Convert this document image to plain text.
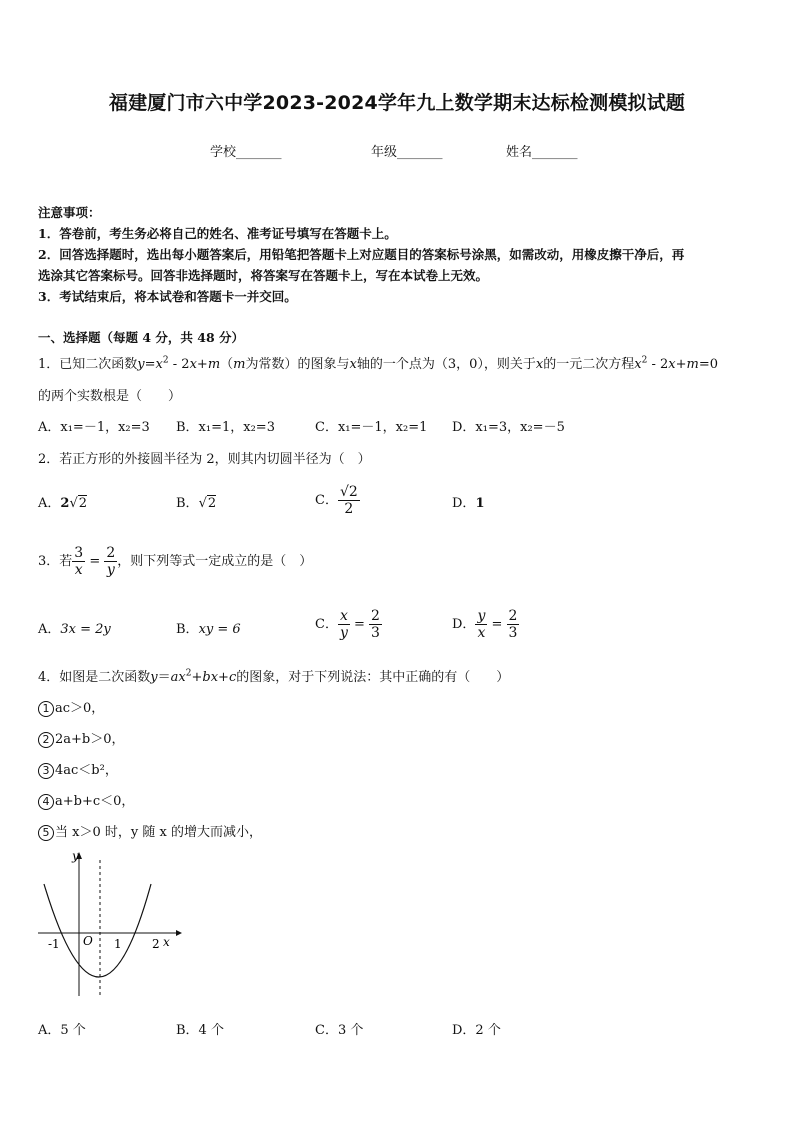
福建厦门市六中学2023-2024学年九上数学期末达标检测模拟试题
学校_______	年级_______	姓名_______
注意事项：
1．答卷前，考生务必将自己的姓名、准考证号填写在答题卡上。
2．回答选择题时，选出每小题答案后，用铅笔把答题卡上对应题目的答案标号涂黑，如需改动，用橡皮擦干净后，再
选涂其它答案标号。回答非选择题时，将答案写在答题卡上，写在本试卷上无效。
3．考试结束后，将本试卷和答题卡一并交回。
一、选择题（每题 4 分，共 48 分）
1．已知二次函数$y=x^2 - 2x+m(m$为常数）的图象与x轴的一个点为（3，0），则关于x的一元二次方程$x^2 - 2x+m=0$
的两个实数根是（　　）
A．x₁=－1，x₂=3 B．x₁=1，x₂=3	C．x₁=－1，x₂=1 D．x₁=3，x₂=－5
2．若正方形的外接圆半径为 2，则其内切圆半径为（　）
A．2√2	B．√2	C． $\frac{√2}{2}$	D．1
3．若 $\frac{3}{x} = \frac{2}{y}$ ，则下列等式一定成立的是（　）
A．3x = 2y	B．xy = 6	C． $\frac{x}{y} = \frac{2}{3}$	D． $\frac{y}{x} = \frac{2}{3}$
4．如图是二次函数$y=ax^2+bx+c$的图象，对于下列说法：其中正确的有（　　）
1 ac＞0，
2 2a+b＞0，
3 4ac＜b²，
4 a+b+c＜0，
5 当 x＞0 时，y 随 x 的增大而减小，
y
x
O
-1	1	2
A．5 个	B．4 个	C．3 个	D．2 个
